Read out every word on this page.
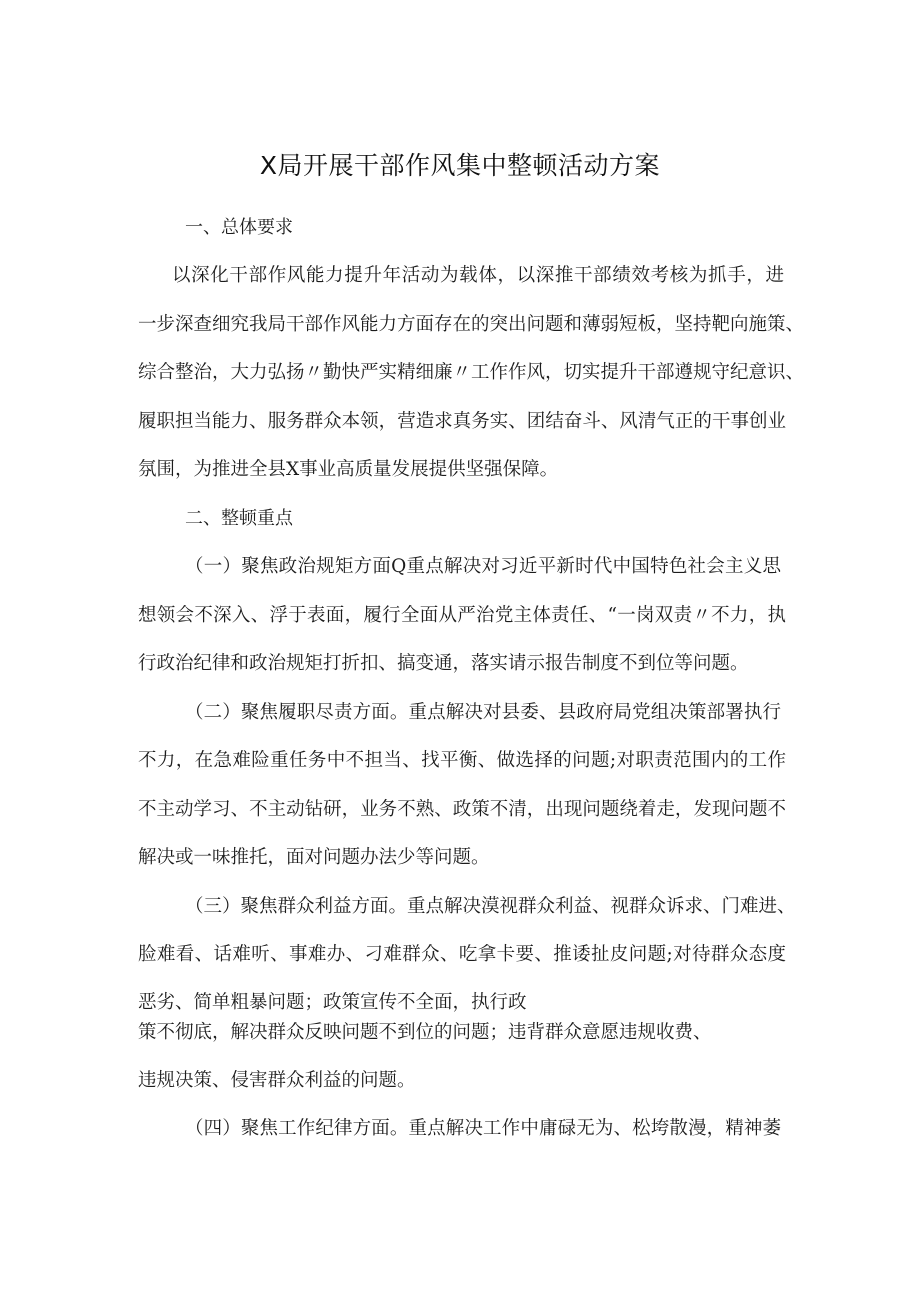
X局开展干部作风集中整顿活动方案
一、总体要求
以深化干部作风能力提升年活动为载体，以深推干部绩效考核为抓手，进
一步深查细究我局干部作风能力方面存在的突出问题和薄弱短板，坚持靶向施策、
综合整治，大力弘扬〃勤快严实精细廉〃工作作风，切实提升干部遵规守纪意识、
履职担当能力、服务群众本领，营造求真务实、团结奋斗、风清气正的干事创业
氛围，为推进全县X事业高质量发展提供坚强保障。
二、整顿重点
（一）聚焦政治规矩方面Q重点解决对习近平新时代中国特色社会主义思
想领会不深入、浮于表面，履行全面从严治党主体责任、“一岗双责〃不力，执
行政治纪律和政治规矩打折扣、搞变通，落实请示报告制度不到位等问题。
（二）聚焦履职尽责方面。重点解决对县委、县政府局党组决策部署执行
不力，在急难险重任务中不担当、找平衡、做选择的问题;对职责范围内的工作
不主动学习、不主动钻研，业务不熟、政策不清，出现问题绕着走，发现问题不
解决或一味推托，面对问题办法少等问题。
（三）聚焦群众利益方面。重点解决漠视群众利益、视群众诉求、门难进、
脸难看、话难听、事难办、刁难群众、吃拿卡要、推诿扯皮问题;对待群众态度
恶劣、简单粗暴问题；政策宣传不全面，执行政
策不彻底，解决群众反映问题不到位的问题；违背群众意愿违规收费、
违规决策、侵害群众利益的问题。
（四）聚焦工作纪律方面。重点解决工作中庸碌无为、松垮散漫，精神萎
